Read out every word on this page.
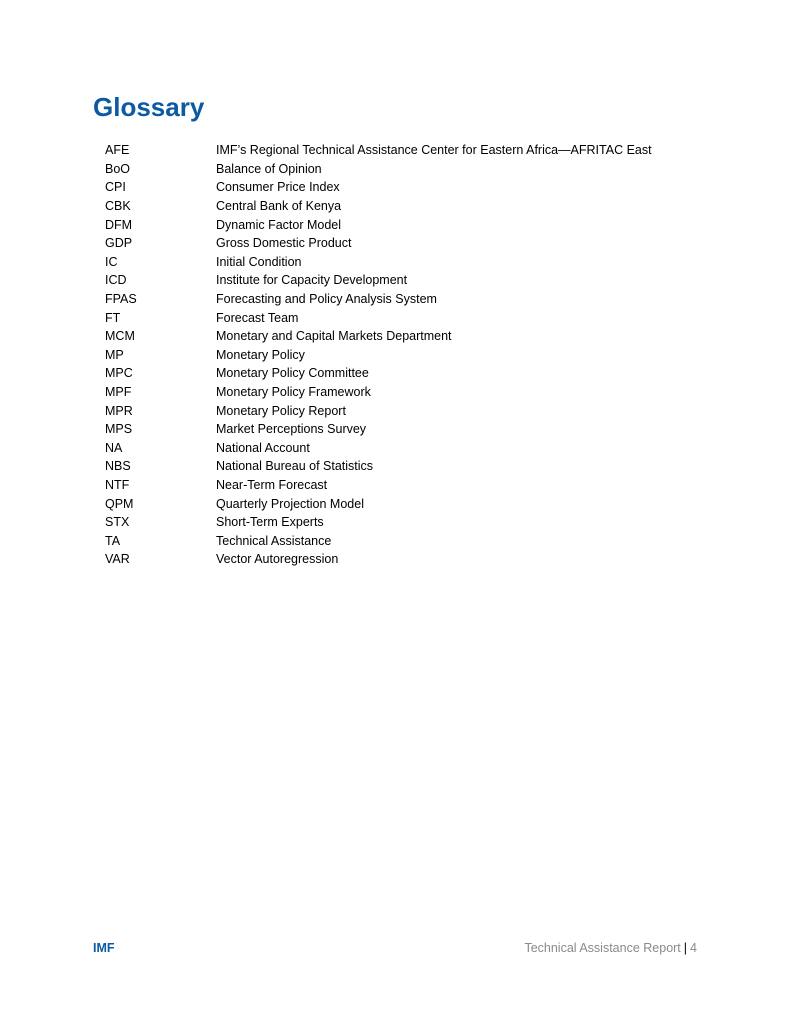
Glossary
AFE	IMF’s Regional Technical Assistance Center for Eastern Africa—AFRITAC East
BoO	Balance of Opinion
CPI	Consumer Price Index
CBK	Central Bank of Kenya
DFM	Dynamic Factor Model
GDP	Gross Domestic Product
IC	Initial Condition
ICD	Institute for Capacity Development
FPAS	Forecasting and Policy Analysis System
FT	Forecast Team
MCM	Monetary and Capital Markets Department
MP	Monetary Policy
MPC	Monetary Policy Committee
MPF	Monetary Policy Framework
MPR	Monetary Policy Report
MPS	Market Perceptions Survey
NA	National Account
NBS	National Bureau of Statistics
NTF	Near-Term Forecast
QPM	Quarterly Projection Model
STX	Short-Term Experts
TA	Technical Assistance
VAR	Vector Autoregression
IMF	Technical Assistance Report | 4
